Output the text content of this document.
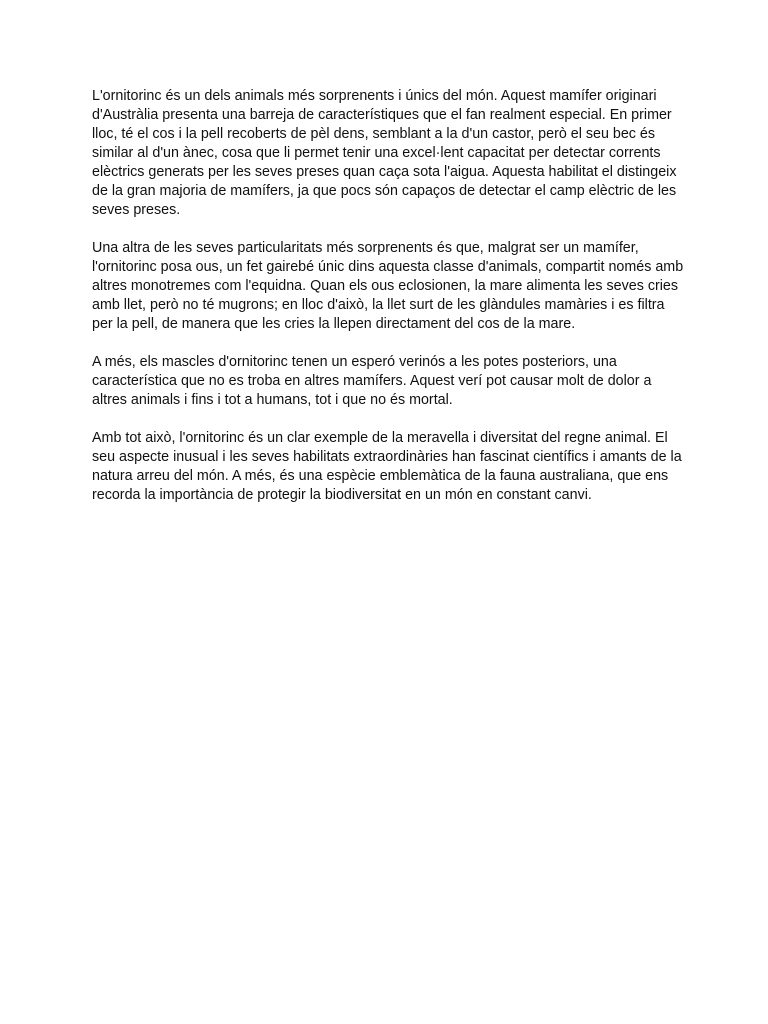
L'ornitorinc és un dels animals més sorprenents i únics del món. Aquest mamífer originari d'Austràlia presenta una barreja de característiques que el fan realment especial. En primer lloc, té el cos i la pell recoberts de pèl dens, semblant a la d'un castor, però el seu bec és similar al d'un ànec, cosa que li permet tenir una excel·lent capacitat per detectar corrents elèctrics generats per les seves preses quan caça sota l'aigua. Aquesta habilitat el distingeix de la gran majoria de mamífers, ja que pocs són capaços de detectar el camp elèctric de les seves preses.

Una altra de les seves particularitats més sorprenents és que, malgrat ser un mamífer, l'ornitorinc posa ous, un fet gairebé únic dins aquesta classe d'animals, compartit només amb altres monotremes com l'equidna. Quan els ous eclosionen, la mare alimenta les seves cries amb llet, però no té mugrons; en lloc d'això, la llet surt de les glàndules mamàries i es filtra per la pell, de manera que les cries la llepen directament del cos de la mare.

A més, els mascles d'ornitorinc tenen un esperó verinós a les potes posteriors, una característica que no es troba en altres mamífers. Aquest verí pot causar molt de dolor a altres animals i fins i tot a humans, tot i que no és mortal.

Amb tot això, l'ornitorinc és un clar exemple de la meravella i diversitat del regne animal. El seu aspecte inusual i les seves habilitats extraordinàries han fascinat científics i amants de la natura arreu del món. A més, és una espècie emblemàtica de la fauna australiana, que ens recorda la importància de protegir la biodiversitat en un món en constant canvi.
